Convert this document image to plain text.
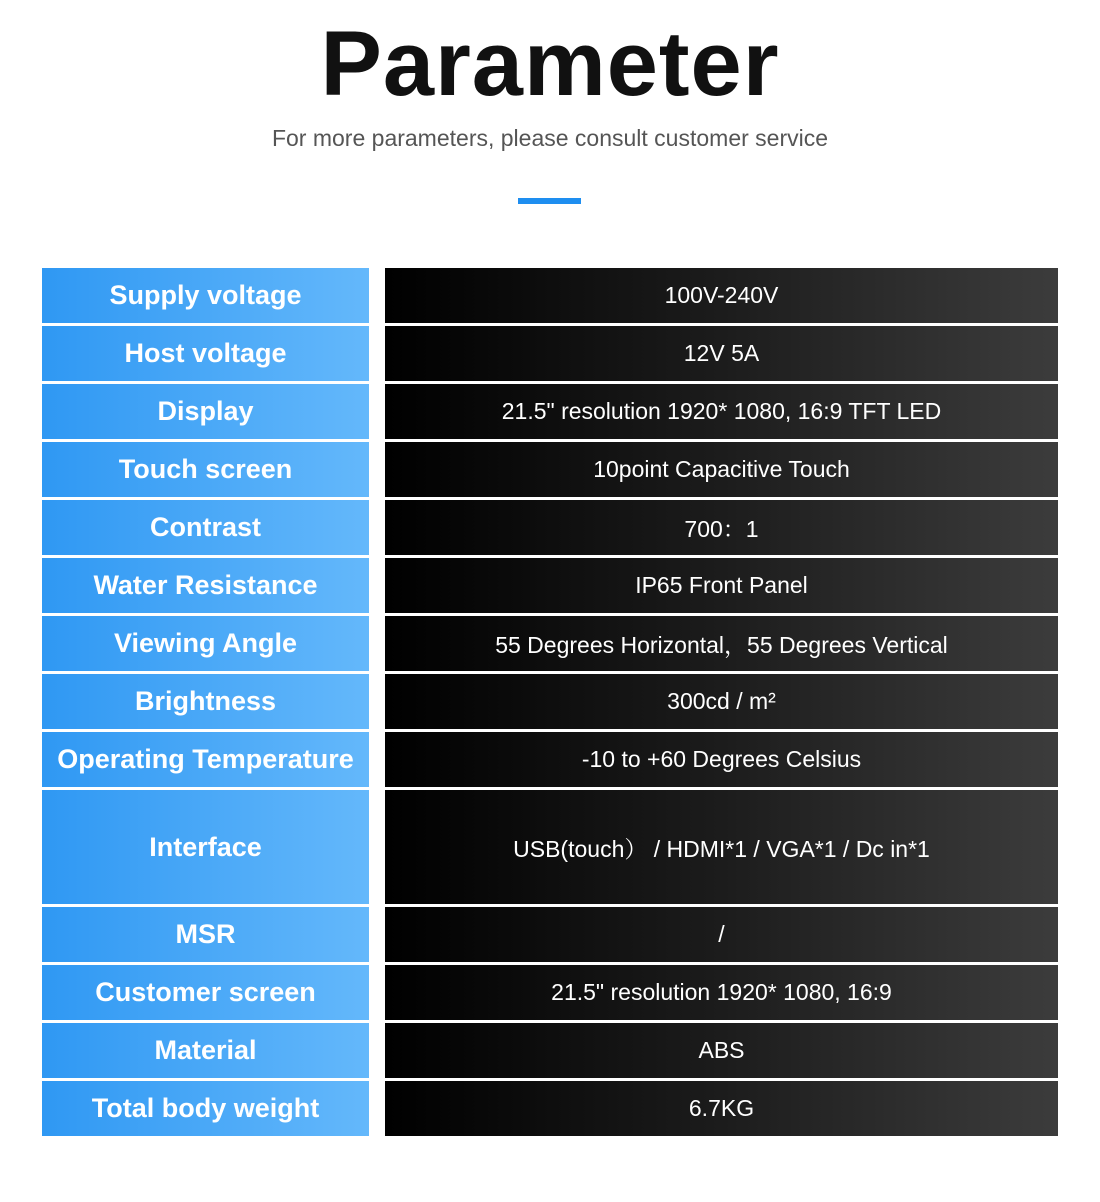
Parameter
For more parameters, please consult customer service
Supply voltage	100V-240V
Host voltage	12V 5A
Display	21.5" resolution 1920* 1080, 16:9 TFT LED
Touch screen	10point Capacitive Touch
Contrast	700：1
Water Resistance	IP65 Front Panel
Viewing Angle	55 Degrees Horizontal，55 Degrees Vertical
Brightness	300cd / m²
Operating Temperature	-10 to +60 Degrees Celsius
Interface	USB(touch） / HDMI*1 / VGA*1 / Dc in*1
MSR	/
Customer screen	21.5" resolution 1920* 1080, 16:9
Material	ABS
Total body weight	6.7KG
